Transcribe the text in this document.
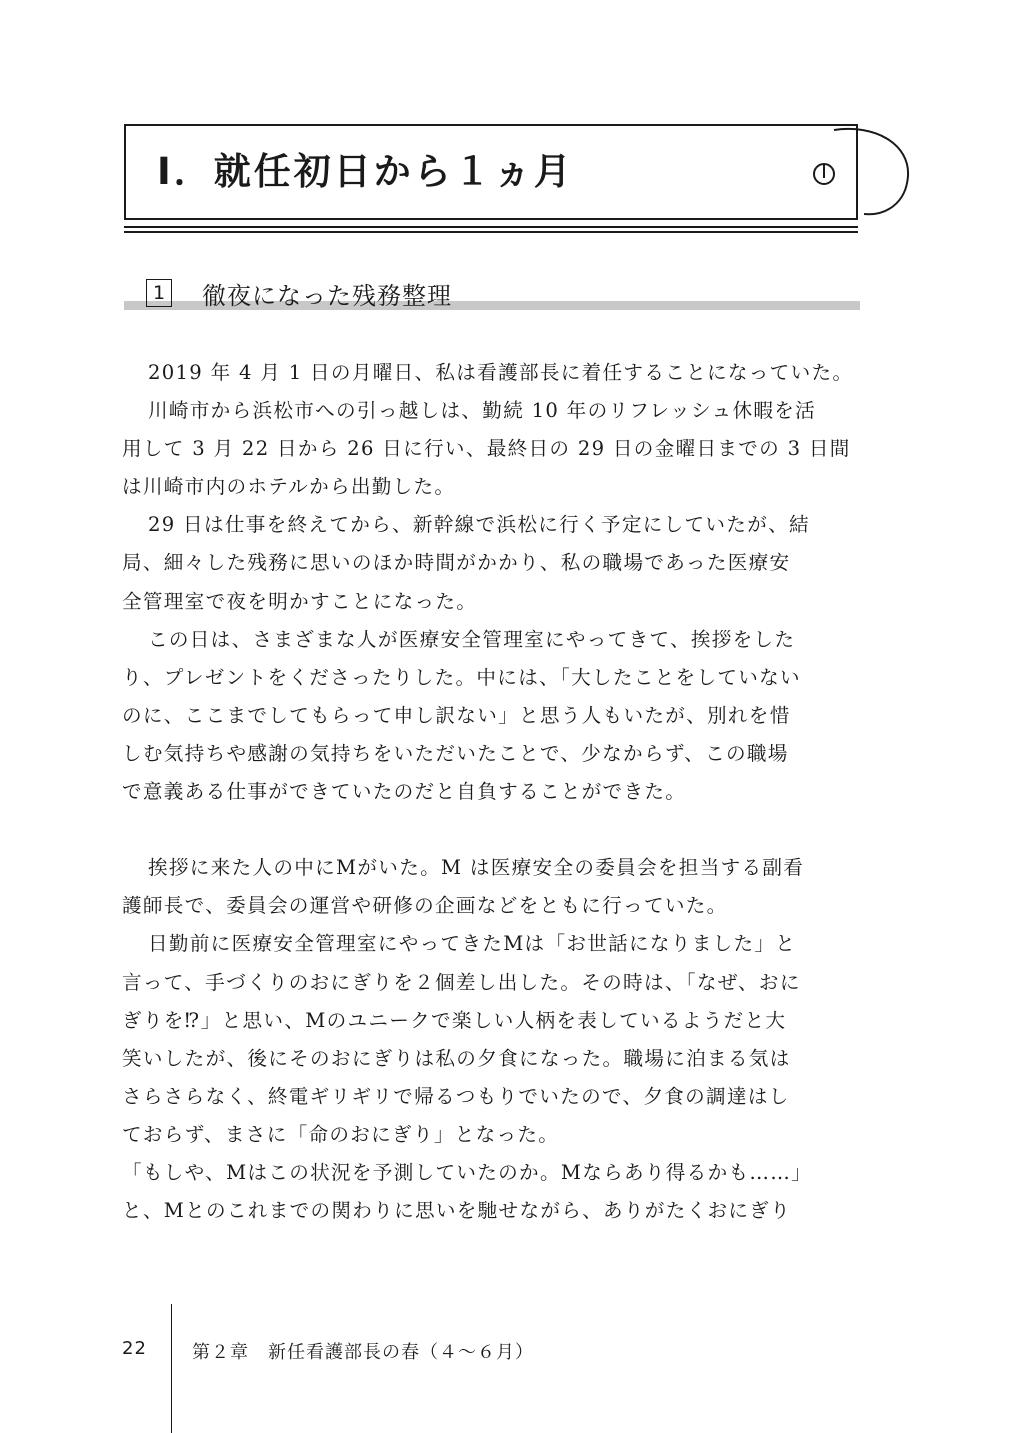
Ⅰ．就任初日から１ヵ月
1 徹夜になった残務整理
2019 年 4 月 1 日の月曜日、私は看護部長に着任することになっていた。
川崎市から浜松市への引っ越しは、勤続 10 年のリフレッシュ休暇を活
用して 3 月 22 日から 26 日に行い、最終日の 29 日の金曜日までの 3 日間
は川崎市内のホテルから出勤した。
29 日は仕事を終えてから、新幹線で浜松に行く予定にしていたが、結
局、細々した残務に思いのほか時間がかかり、私の職場であった医療安
全管理室で夜を明かすことになった。
この日は、さまざまな人が医療安全管理室にやってきて、挨拶をした
り、プレゼントをくださったりした。中には、「大したことをしていない
のに、ここまでしてもらって申し訳ない」と思う人もいたが、別れを惜
しむ気持ちや感謝の気持ちをいただいたことで、少なからず、この職場
で意義ある仕事ができていたのだと自負することができた。
挨拶に来た人の中にMがいた。M は医療安全の委員会を担当する副看
護師長で、委員会の運営や研修の企画などをともに行っていた。
日勤前に医療安全管理室にやってきたMは「お世話になりました」と
言って、手づくりのおにぎりを２個差し出した。その時は、「なぜ、おに
ぎりを⁉」と思い、Mのユニークで楽しい人柄を表しているようだと大
笑いしたが、後にそのおにぎりは私の夕食になった。職場に泊まる気は
さらさらなく、終電ギリギリで帰るつもりでいたので、夕食の調達はし
ておらず、まさに「命のおにぎり」となった。
「もしや、Mはこの状況を予測していたのか。Mならあり得るかも……」
と、Mとのこれまでの関わりに思いを馳せながら、ありがたくおにぎり
22	第２章　新任看護部長の春（４～６月）
